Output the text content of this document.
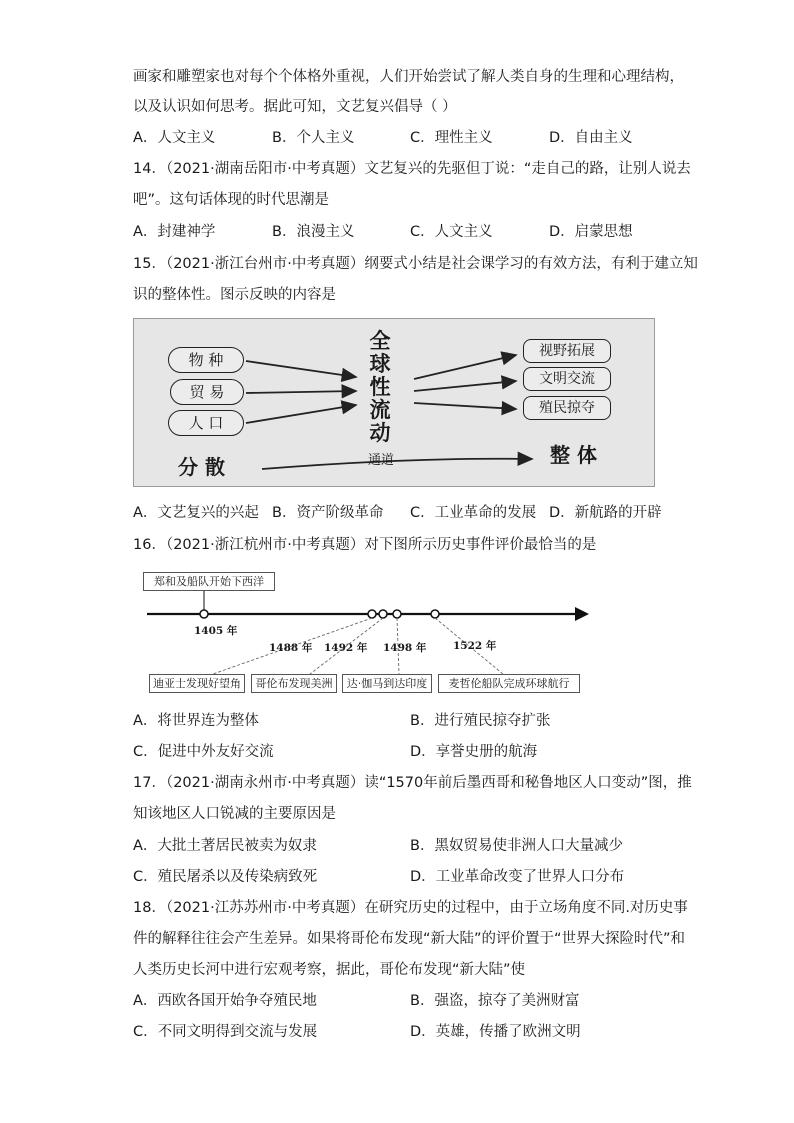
画家和雕塑家也对每个个体格外重视，人们开始尝试了解人类自身的生理和心理结构，
以及认识如何思考。据此可知，文艺复兴倡导（ ）
A．人文主义	B．个人主义	C．理性主义	D．自由主义
14．（2021·湖南岳阳市·中考真题）文艺复兴的先驱但丁说：“走自己的路，让别人说去
吧”。这句话体现的时代思潮是
A．封建神学	B．浪漫主义	C．人文主义	D．启蒙思想
15．（2021·浙江台州市·中考真题）纲要式小结是社会课学习的有效方法，有利于建立知
识的整体性。图示反映的内容是
物 种
贸 易
人 口
全
球
性
流
动
视野拓展
文明交流
殖民掠夺
分 散	通道	整 体
A．文艺复兴的兴起 B．资产阶级革命 C．工业革命的发展 D．新航路的开辟
16．（2021·浙江杭州市·中考真题）对下图所示历史事件评价最恰当的是
郑和及船队开始下西洋
1405 年
1488 年 1492 年 1498 年	1522 年
迪亚士发现好望角	哥伦布发现美洲	达·伽马到达印度	麦哲伦船队完成环球航行
A．将世界连为整体	B．进行殖民掠夺扩张
C．促进中外友好交流	D．享誉史册的航海
17．（2021·湖南永州市·中考真题）读“1570年前后墨西哥和秘鲁地区人口变动”图，推
知该地区人口锐减的主要原因是
A．大批土著居民被卖为奴隶	B．黑奴贸易使非洲人口大量减少
C．殖民屠杀以及传染病致死	D．工业革命改变了世界人口分布
18．（2021·江苏苏州市·中考真题）在研究历史的过程中，由于立场角度不同.对历史事
件的解释往往会产生差异。如果将哥伦布发现“新大陆”的评价置于“世界大探险时代”和
人类历史长河中进行宏观考察，据此，哥伦布发现“新大陆”使
A．西欧各国开始争夺殖民地	B．强盗，掠夺了美洲财富
C．不同文明得到交流与发展	D．英雄，传播了欧洲文明
